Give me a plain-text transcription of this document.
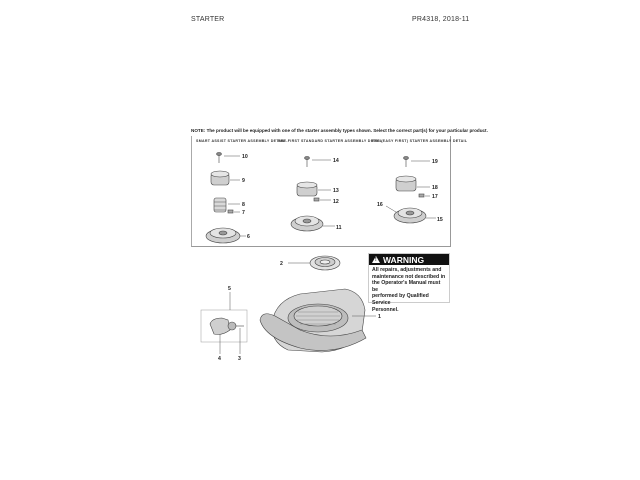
STARTER	PR4318, 2018-11
NOTE: The product will be equipped with one of the starter assembly types shown. Select the correct part(s) for your particular product.
SMART ASSIST STARTER ASSEMBLY DETAIL
PRE-FIRST STANDARD STARTER ASSEMBLY DETAIL
EFS (EASY FIRST) STARTER ASSEMBLY DETAIL
10
9
8
7
6
14
13
12
11
19
18
17
15
16
2
1
5
4	3
!
WARNING
All repairs, adjustments and
maintenance not described in
the Operator's Manual must be
performed by Qualified Service
Personnel.
